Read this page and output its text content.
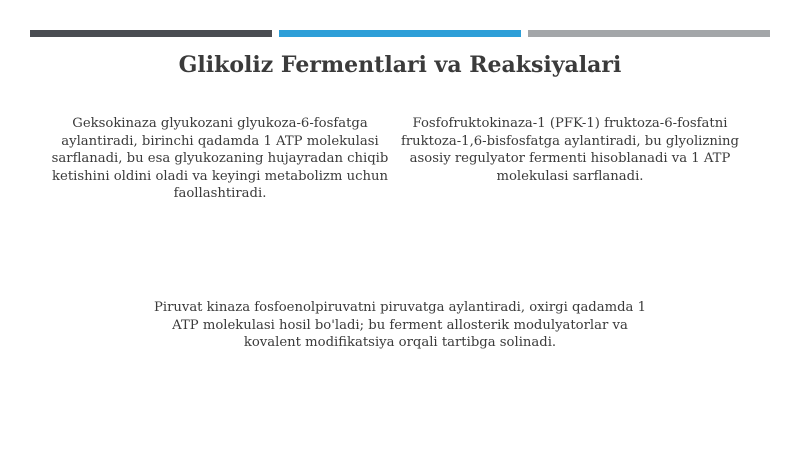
Glikoliz Fermentlari va Reaksiyalari

Geksokinaza glyukozani glyukoza-6-fosfatga aylantiradi, birinchi qadamda 1 ATP molekulasi sarflanadi, bu esa glyukozaning hujayradan chiqib ketishini oldini oladi va keyingi metabolizm uchun faollashtiradi.

Fosfofruktokinaza-1 (PFK-1) fruktoza-6-fosfatni fruktoza-1,6-bisfosfatga aylantiradi, bu glyolizning asosiy regulyator fermenti hisoblanadi va 1 ATP molekulasi sarflanadi.

Piruvat kinaza fosfoenolpiruvatni piruvatga aylantiradi, oxirgi qadamda 1 ATP molekulasi hosil bo'ladi; bu ferment allosterik modulyatorlar va kovalent modifikatsiya orqali tartibga solinadi.
